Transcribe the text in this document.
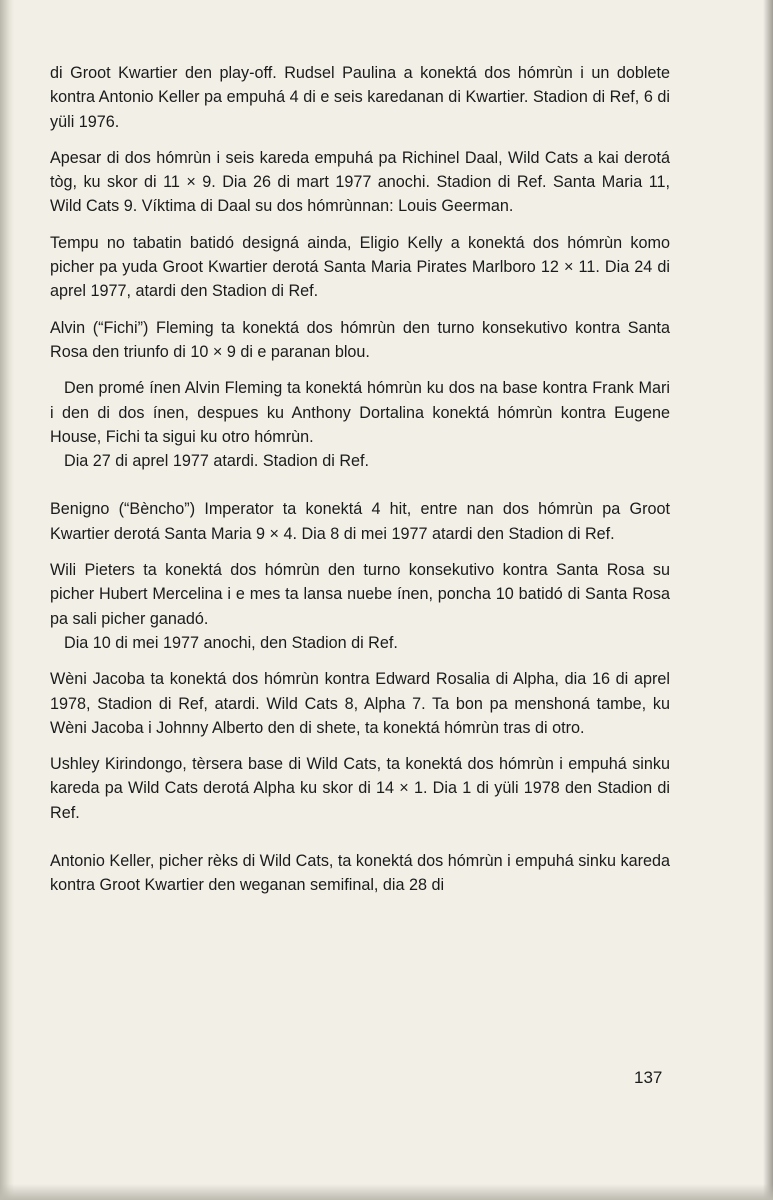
di Groot Kwartier den play-off. Rudsel Paulina a konektá dos hómrùn i un doblete kontra Antonio Keller pa empuhá 4 di e seis karedanan di Kwartier. Stadion di Ref, 6 di yüli 1976.

Apesar di dos hómrùn i seis kareda empuhá pa Richinel Daal, Wild Cats a kai derotá tòg, ku skor di 11 × 9. Dia 26 di mart 1977 anochi. Stadion di Ref. Santa Maria 11, Wild Cats 9. Víktima di Daal su dos hómrùnnan: Louis Geerman.

Tempu no tabatin batidó designá ainda, Eligio Kelly a konektá dos hómrùn komo picher pa yuda Groot Kwartier derotá Santa Maria Pirates Marlboro 12 × 11. Dia 24 di aprel 1977, atardi den Stadion di Ref.

Alvin (“Fichi”) Fleming ta konektá dos hómrùn den turno konsekutivo kontra Santa Rosa den triunfo di 10 × 9 di e paranan blou.

Den promé ínen Alvin Fleming ta konektá hómrùn ku dos na base kontra Frank Mari i den di dos ínen, despues ku Anthony Dortalina konektá hómrùn kontra Eugene House, Fichi ta sigui ku otro hómrùn.

Dia 27 di aprel 1977 atardi. Stadion di Ref.

Benigno (“Bèncho”) Imperator ta konektá 4 hit, entre nan dos hómrùn pa Groot Kwartier derotá Santa Maria 9 × 4. Dia 8 di mei 1977 atardi den Stadion di Ref.

Wili Pieters ta konektá dos hómrùn den turno konsekutivo kontra Santa Rosa su picher Hubert Mercelina i e mes ta lansa nuebe ínen, poncha 10 batidó di Santa Rosa pa sali picher ganadó.

Dia 10 di mei 1977 anochi, den Stadion di Ref.

Wèni Jacoba ta konektá dos hómrùn kontra Edward Rosalia di Alpha, dia 16 di aprel 1978, Stadion di Ref, atardi. Wild Cats 8, Alpha 7. Ta bon pa menshoná tambe, ku Wèni Jacoba i Johnny Alberto den di shete, ta konektá hómrùn tras di otro.

Ushley Kirindongo, tèrsera base di Wild Cats, ta konektá dos hómrùn i empuhá sinku kareda pa Wild Cats derotá Alpha ku skor di 14 × 1. Dia 1 di yüli 1978 den Stadion di Ref.

Antonio Keller, picher rèks di Wild Cats, ta konektá dos hómrùn i empuhá sinku kareda kontra Groot Kwartier den weganan semifinal, dia 28 di

137
